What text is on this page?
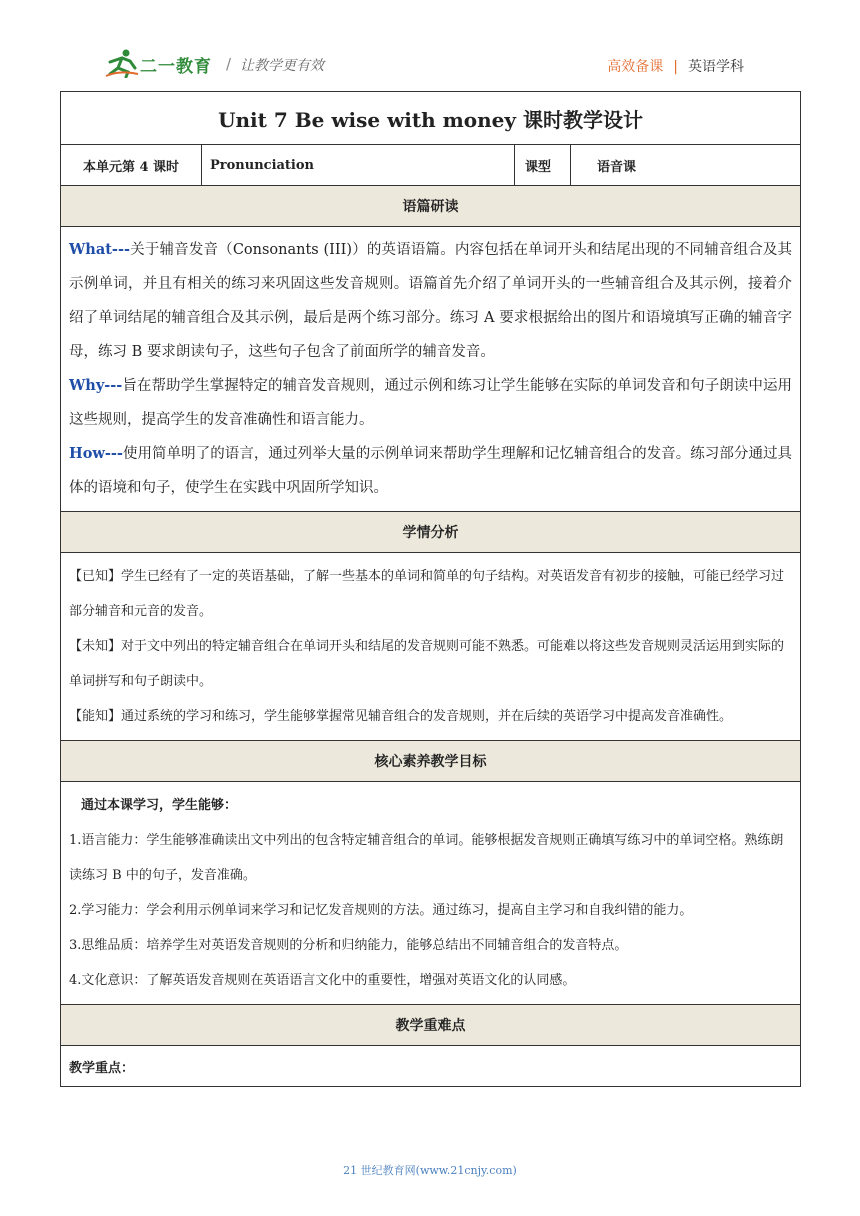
二一教育 / 让教学更有效	高效备课 | 英语学科
Unit 7 Be wise with money 课时教学设计
本单元第 4 课时	Pronunciation	课型	语音课
语篇研读

What---关于辅音发音（Consonants (III)）的英语语篇。内容包括在单词开头和结尾出现的不同辅音组合及其示例单词，并且有相关的练习来巩固这些发音规则。语篇首先介绍了单词开头的一些辅音组合及其示例，接着介绍了单词结尾的辅音组合及其示例，最后是两个练习部分。练习 A 要求根据给出的图片和语境填写正确的辅音字母，练习 B 要求朗读句子，这些句子包含了前面所学的辅音发音。

Why---旨在帮助学生掌握特定的辅音发音规则，通过示例和练习让学生能够在实际的单词发音和句子朗读中运用这些规则，提高学生的发音准确性和语言能力。

How---使用简单明了的语言，通过列举大量的示例单词来帮助学生理解和记忆辅音组合的发音。练习部分通过具体的语境和句子，使学生在实践中巩固所学知识。

学情分析

【已知】学生已经有了一定的英语基础，了解一些基本的单词和简单的句子结构。对英语发音有初步的接触，可能已经学习过部分辅音和元音的发音。

【未知】对于文中列出的特定辅音组合在单词开头和结尾的发音规则可能不熟悉。可能难以将这些发音规则灵活运用到实际的单词拼写和句子朗读中。

【能知】通过系统的学习和练习，学生能够掌握常见辅音组合的发音规则，并在后续的英语学习中提高发音准确性。

核心素养教学目标

通过本课学习，学生能够：

1.语言能力：学生能够准确读出文中列出的包含特定辅音组合的单词。能够根据发音规则正确填写练习中的单词空格。熟练朗读练习 B 中的句子，发音准确。

2.学习能力：学会利用示例单词来学习和记忆发音规则的方法。通过练习，提高自主学习和自我纠错的能力。

3.思维品质：培养学生对英语发音规则的分析和归纳能力，能够总结出不同辅音组合的发音特点。

4.文化意识：了解英语发音规则在英语语言文化中的重要性，增强对英语文化的认同感。

教学重难点
教学重点：
21 世纪教育网(www.21cnjy.com)
